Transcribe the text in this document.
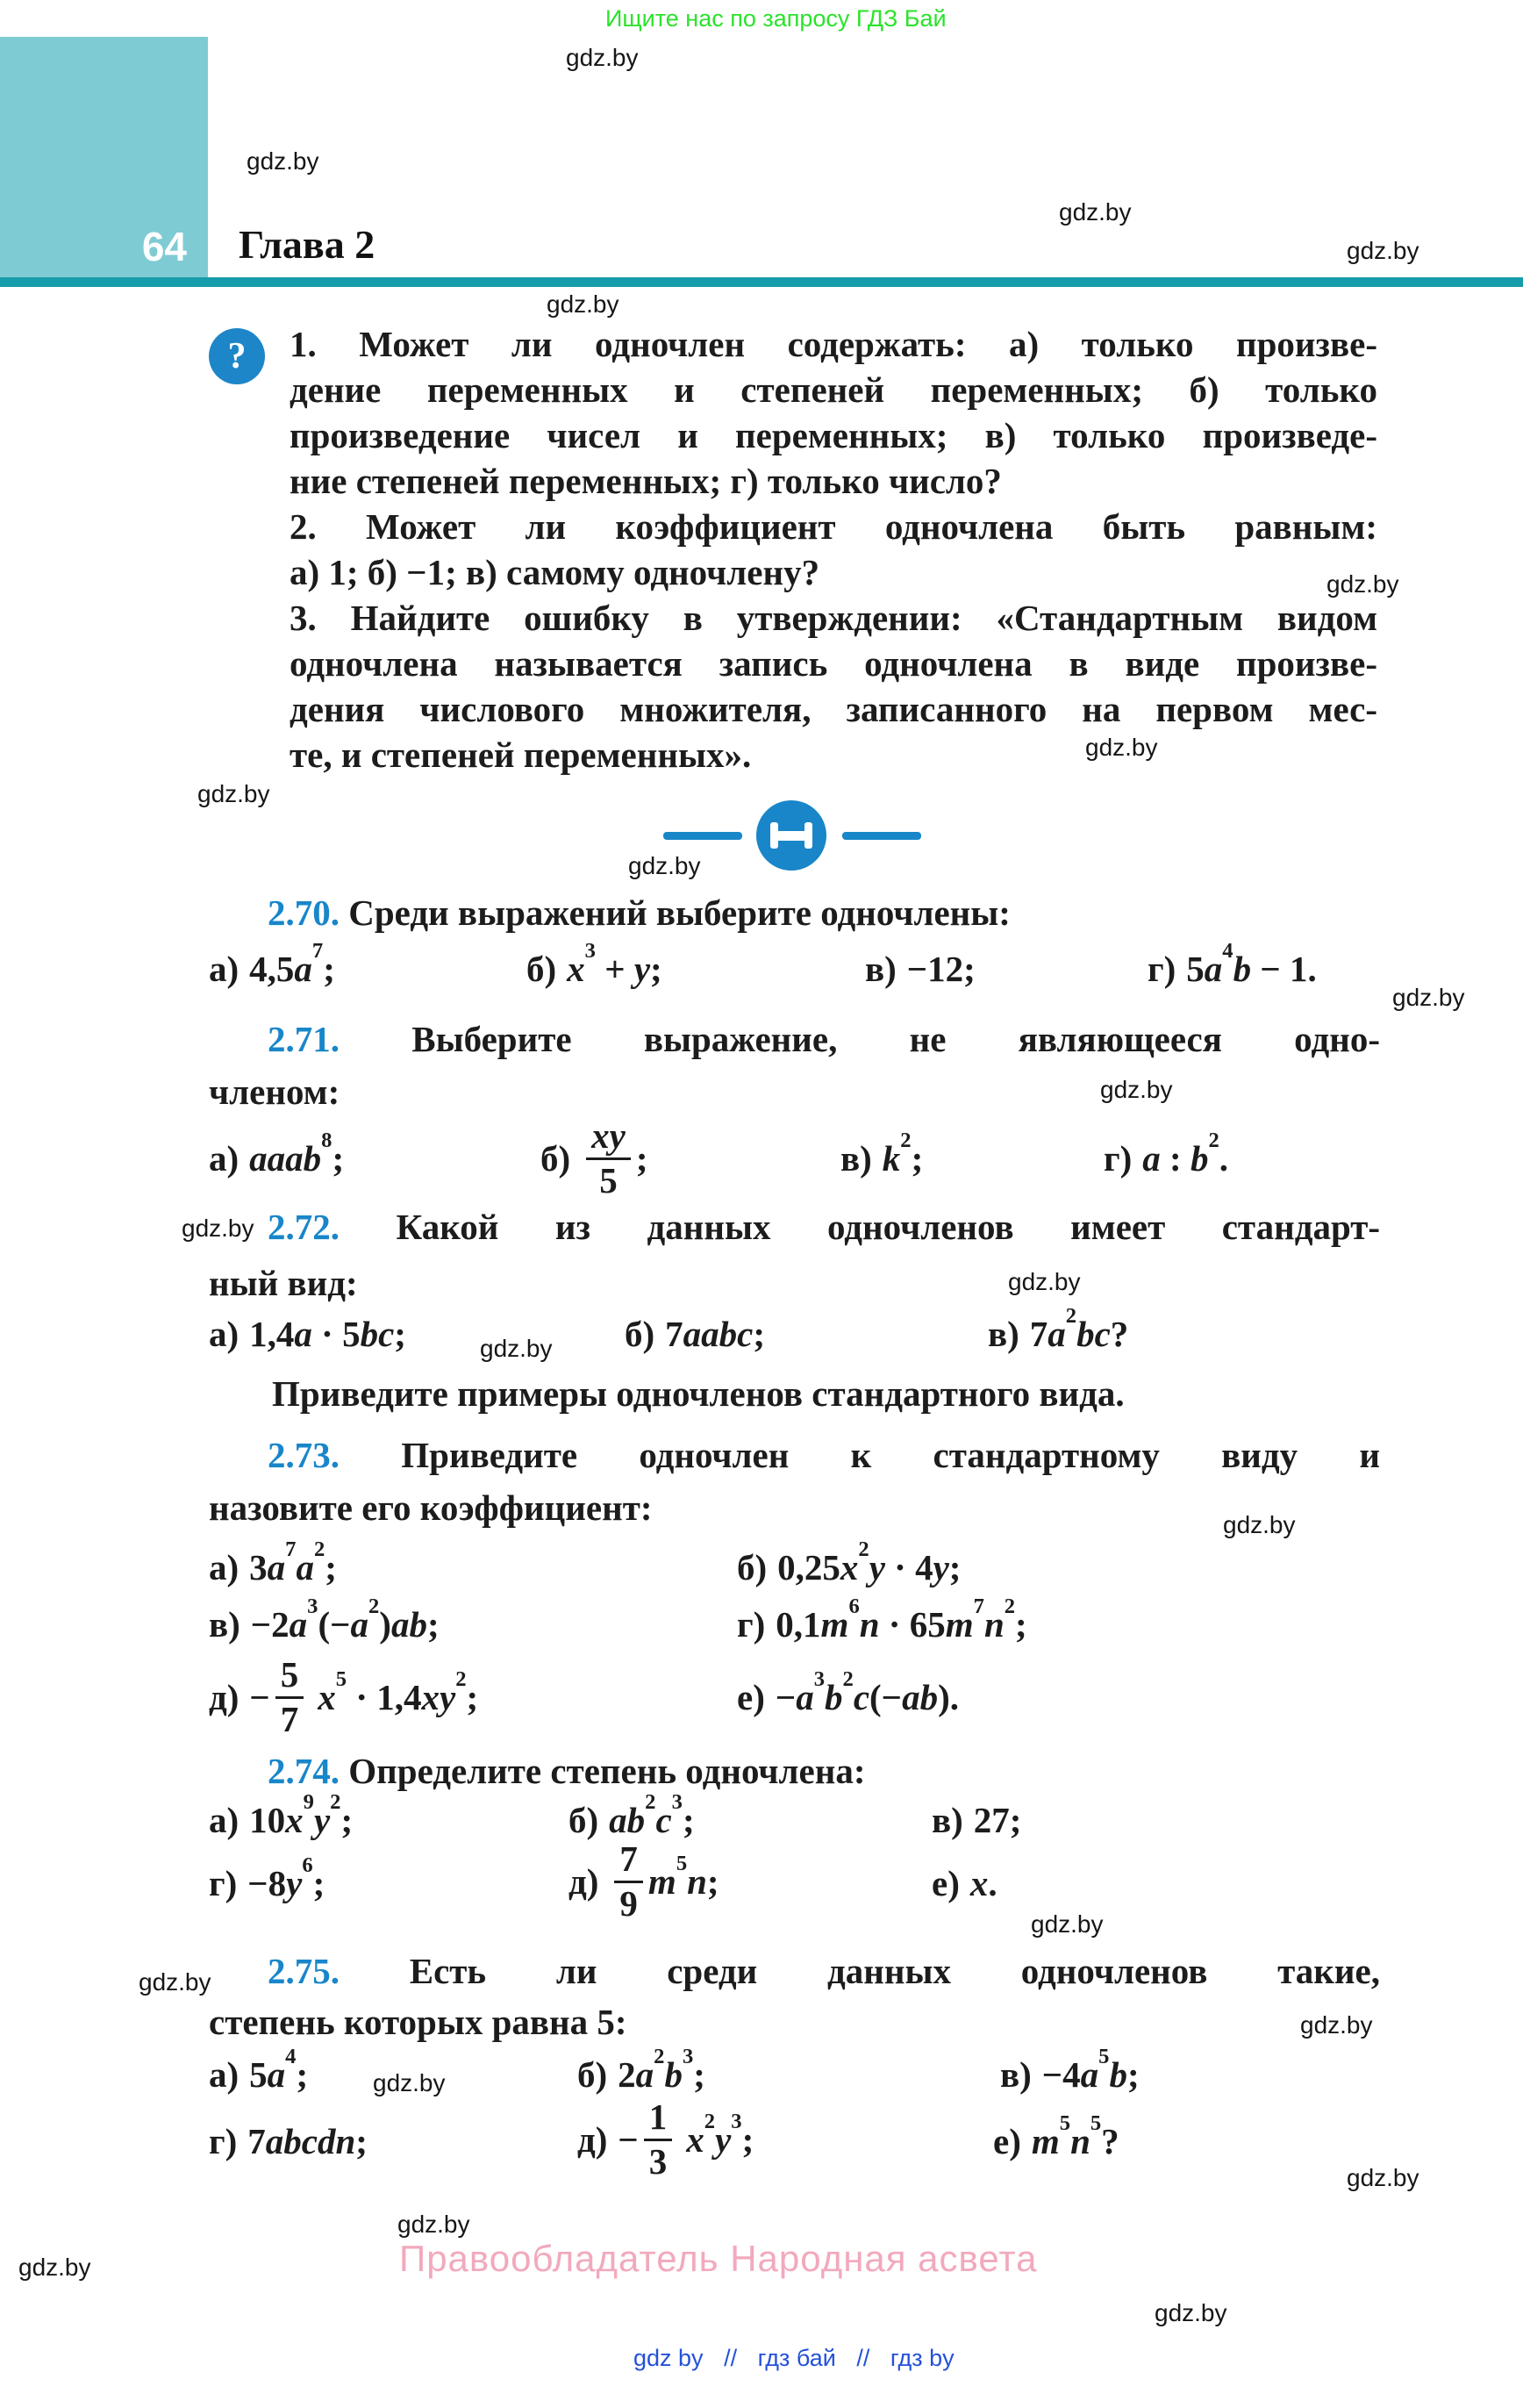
Ищите нас по запросу ГДЗ Бай
64 Глава 2
gdz.by
gdz.by
gdz.by
gdz.by
gdz.by
gdz.by
gdz.by
gdz.by
gdz.by
gdz.by
gdz.by
gdz.by
gdz.by
gdz.by
gdz.by
gdz.by
gdz.by
gdz.by
gdz.by
gdz.by
gdz.by
gdz.by
gdz.by
? 1. Может ли одночлен содержать: а) только произве-
дение переменных и степеней переменных; б) только
произведение чисел и переменных; в) только произведе-
ние степеней переменных; г) только число?
2. Может ли коэффициент одночлена быть равным:
а) 1; б) −1; в) самому одночлену?
3. Найдите ошибку в утверждении: «Стандартным видом
одночлена называется запись одночлена в виде произве-
дения числового множителя, записанного на первом мес-
те, и степеней переменных».
2.70. Среди выражений выберите одночлены:
а) $4,5a^7$;	б) $x^3 + y$;	в) −12;	г) $5a^4b - 1$.
2.71. Выберите выражение, не являющееся одно-
членом:
а) aaab$^8$;	$б) \frac{xy}{5}$ ;	в) $k^2$;	г) a : $b^2$.
2.72. Какой из данных одночленов имеет стандарт-
ный вид:
а) 1,4a · 5bc;	б) 7aabc;	в) $7a^2bc$?
Приведите примеры одночленов стандартного вида.
2.73. Приведите одночлен к стандартному виду и
назовите его коэффициент:
а) $3a^7a^2$;	б) $0,25x^2y \cdot 4y$;
$в) -2a^3(-a^2)ab$;	г) $0,1m^6n \cdot 65m^7n^2$;
$д) - \frac{5}{7} x^5 \cdot 1,4xy^2$;	$е) -a^3b^2c(-ab)$.
2.74. Определите степень одночлена:
а) $10x^9y^2$;	б) $ab^2c^3$;	в) 27;
$г) -8y^6$;	$д) \frac{7}{9} m^5n$;	е) x.
2.75. Есть ли среди данных одночленов такие,
степень которых равна 5:
а) $5a^4$;	б) $2a^2b^3$;	$в) -4a^5b$;
г) 7abcdn;	$д) - \frac{1}{3} x^2y^3$;	е) $m^5n^5$?
Правообладатель Народная асвета
gdz by // гдз бай // гдз by
